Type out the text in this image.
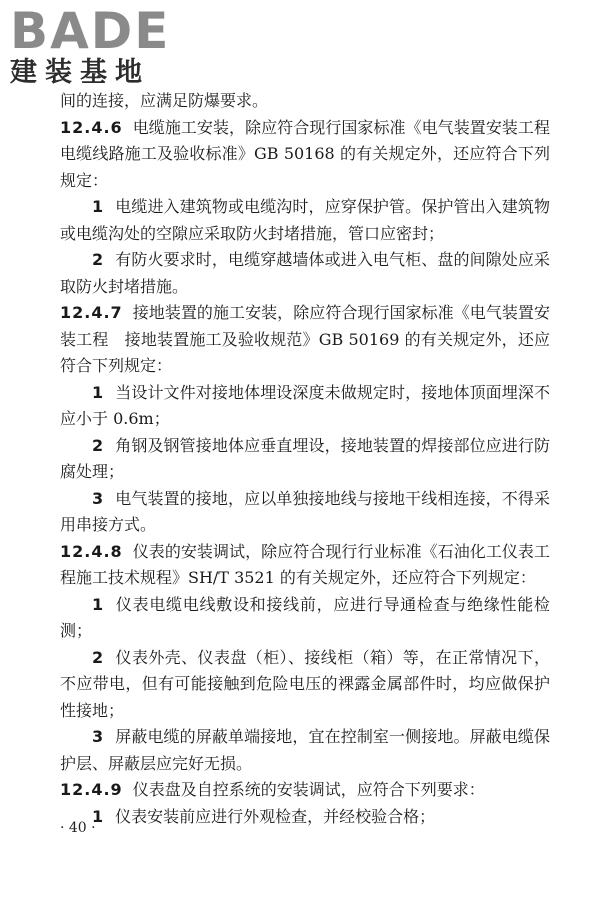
BADE
建装基地

间的连接，应满足防爆要求。

12.4.6 电缆施工安装，除应符合现行国家标准《电气装置安装工程　电缆线路施工及验收标准》GB 50168 的有关规定外，还应符合下列规定：

1 电缆进入建筑物或电缆沟时，应穿保护管。保护管出入建筑物或电缆沟处的空隙应采取防火封堵措施，管口应密封；

2 有防火要求时，电缆穿越墙体或进入电气柜、盘的间隙处应采取防火封堵措施。

12.4.7 接地装置的施工安装，除应符合现行国家标准《电气装置安装工程　接地装置施工及验收规范》GB 50169 的有关规定外，还应符合下列规定：

1 当设计文件对接地体埋设深度未做规定时，接地体顶面埋深不应小于 0.6m；

2 角钢及钢管接地体应垂直埋设，接地装置的焊接部位应进行防腐处理；

3 电气装置的接地，应以单独接地线与接地干线相连接，不得采用串接方式。

12.4.8 仪表的安装调试，除应符合现行行业标准《石油化工仪表工程施工技术规程》SH/T 3521 的有关规定外，还应符合下列规定：

1 仪表电缆电线敷设和接线前，应进行导通检查与绝缘性能检测；

2 仪表外壳、仪表盘（柜）、接线柜（箱）等，在正常情况下，不应带电，但有可能接触到危险电压的裸露金属部件时，均应做保护性接地；

3 屏蔽电缆的屏蔽单端接地，宜在控制室一侧接地。屏蔽电缆保护层、屏蔽层应完好无损。

12.4.9 仪表盘及自控系统的安装调试，应符合下列要求：

1 仪表安装前应进行外观检查，并经校验合格；

· 40 ·
